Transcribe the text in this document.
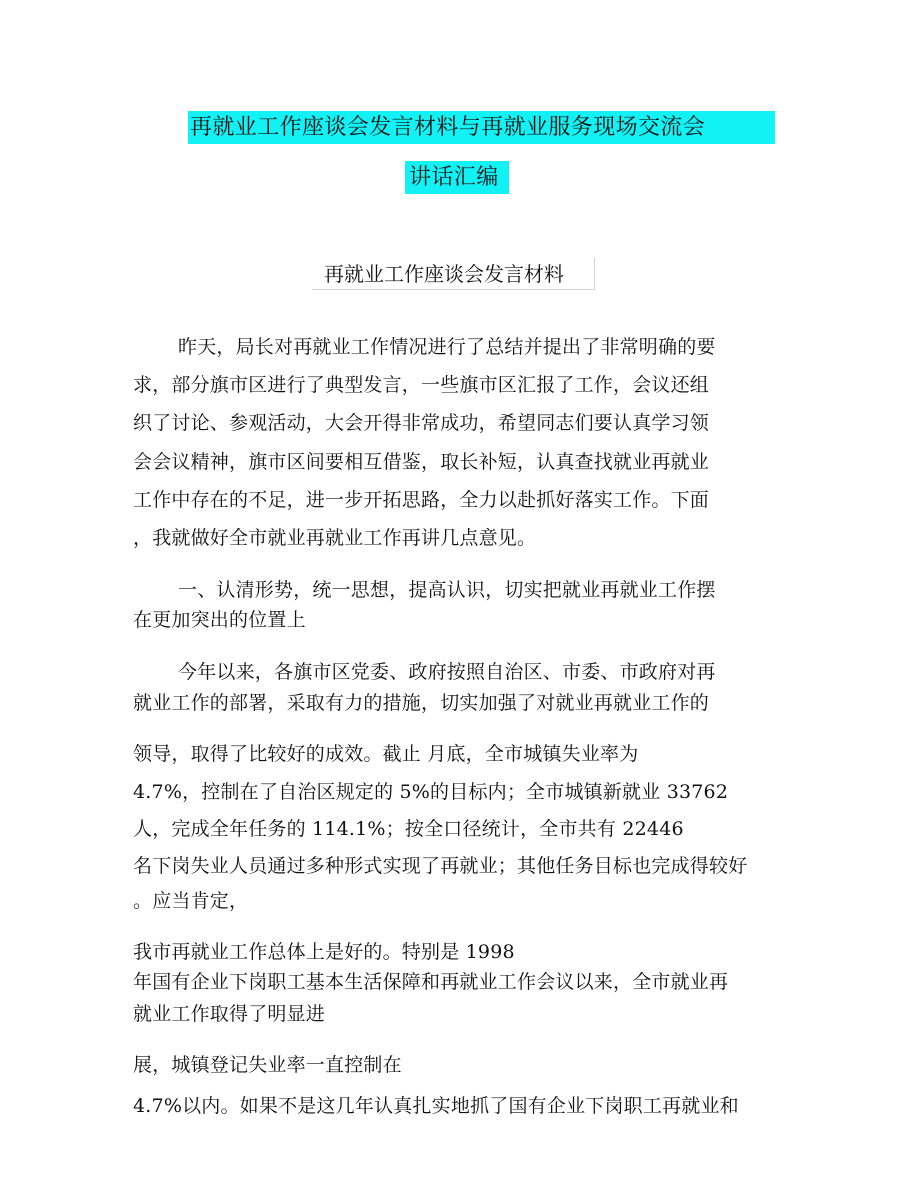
再就业工作座谈会发言材料与再就业服务现场交流会
讲话汇编
再就业工作座谈会发言材料
昨天，局长对再就业工作情况进行了总结并提出了非常明确的要
求，部分旗市区进行了典型发言，一些旗市区汇报了工作，会议还组
织了讨论、参观活动，大会开得非常成功，希望同志们要认真学习领
会会议精神，旗市区间要相互借鉴，取长补短，认真查找就业再就业
工作中存在的不足，进一步开拓思路，全力以赴抓好落实工作。下面
，我就做好全市就业再就业工作再讲几点意见。
一、认清形势，统一思想，提高认识，切实把就业再就业工作摆
在更加突出的位置上
今年以来，各旗市区党委、政府按照自治区、市委、市政府对再
就业工作的部署，采取有力的措施，切实加强了对就业再就业工作的
领导，取得了比较好的成效。截止 月底，全市城镇失业率为
4.7%，控制在了自治区规定的 5%的目标内；全市城镇新就业 33762
人，完成全年任务的 114.1%；按全口径统计，全市共有 22446
名下岗失业人员通过多种形式实现了再就业；其他任务目标也完成得较好
。应当肯定，
我市再就业工作总体上是好的。特别是 1998
年国有企业下岗职工基本生活保障和再就业工作会议以来，全市就业再
就业工作取得了明显进
展，城镇登记失业率一直控制在
4.7%以内。如果不是这几年认真扎实地抓了国有企业下岗职工再就业和
